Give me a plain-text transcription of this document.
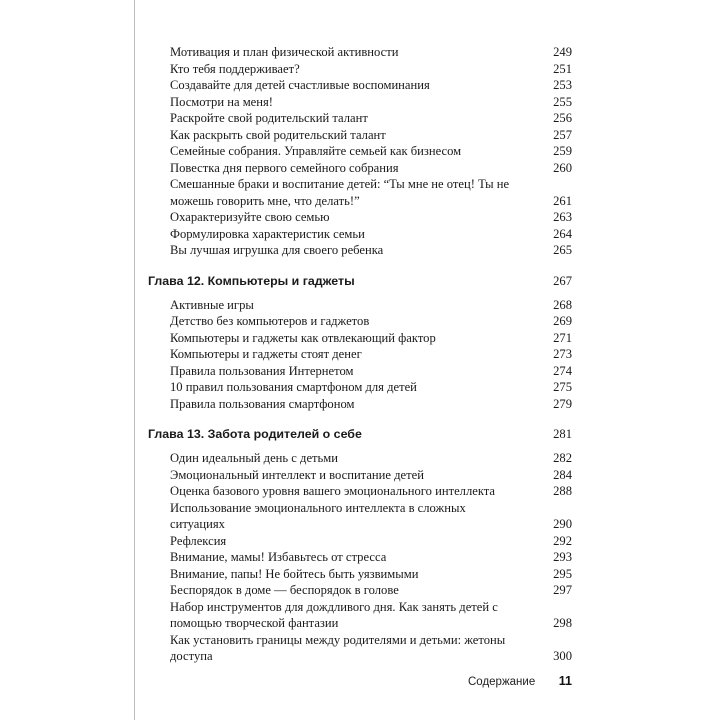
Мотивация и план физической активности	249
Кто тебя поддерживает?	251
Создавайте для детей счастливые воспоминания	253
Посмотри на меня!	255
Раскройте свой родительский талант	256
Как раскрыть свой родительский талант	257
Семейные собрания. Управляйте семьей как бизнесом	259
Повестка дня первого семейного собрания	260
Смешанные браки и воспитание детей: “Ты мне не отец! Ты не можешь говорить мне, что делать!”	261
Охарактеризуйте свою семью	263
Формулировка характеристик семьи	264
Вы лучшая игрушка для своего ребенка	265
Глава 12. Компьютеры и гаджеты	267
Активные игры	268
Детство без компьютеров и гаджетов	269
Компьютеры и гаджеты как отвлекающий фактор	271
Компьютеры и гаджеты стоят денег	273
Правила пользования Интернетом	274
10 правил пользования смартфоном для детей	275
Правила пользования смартфоном	279
Глава 13. Забота родителей о себе	281
Один идеальный день с детьми	282
Эмоциональный интеллект и воспитание детей	284
Оценка базового уровня вашего эмоционального интеллекта	288
Использование эмоционального интеллекта в сложных ситуациях	290
Рефлексия	292
Внимание, мамы! Избавьтесь от стресса	293
Внимание, папы! Не бойтесь быть уязвимыми	295
Беспорядок в доме — беспорядок в голове	297
Набор инструментов для дождливого дня. Как занять детей с помощью творческой фантазии	298
Как установить границы между родителями и детьми: жетоны доступа	300
Содержание 11
